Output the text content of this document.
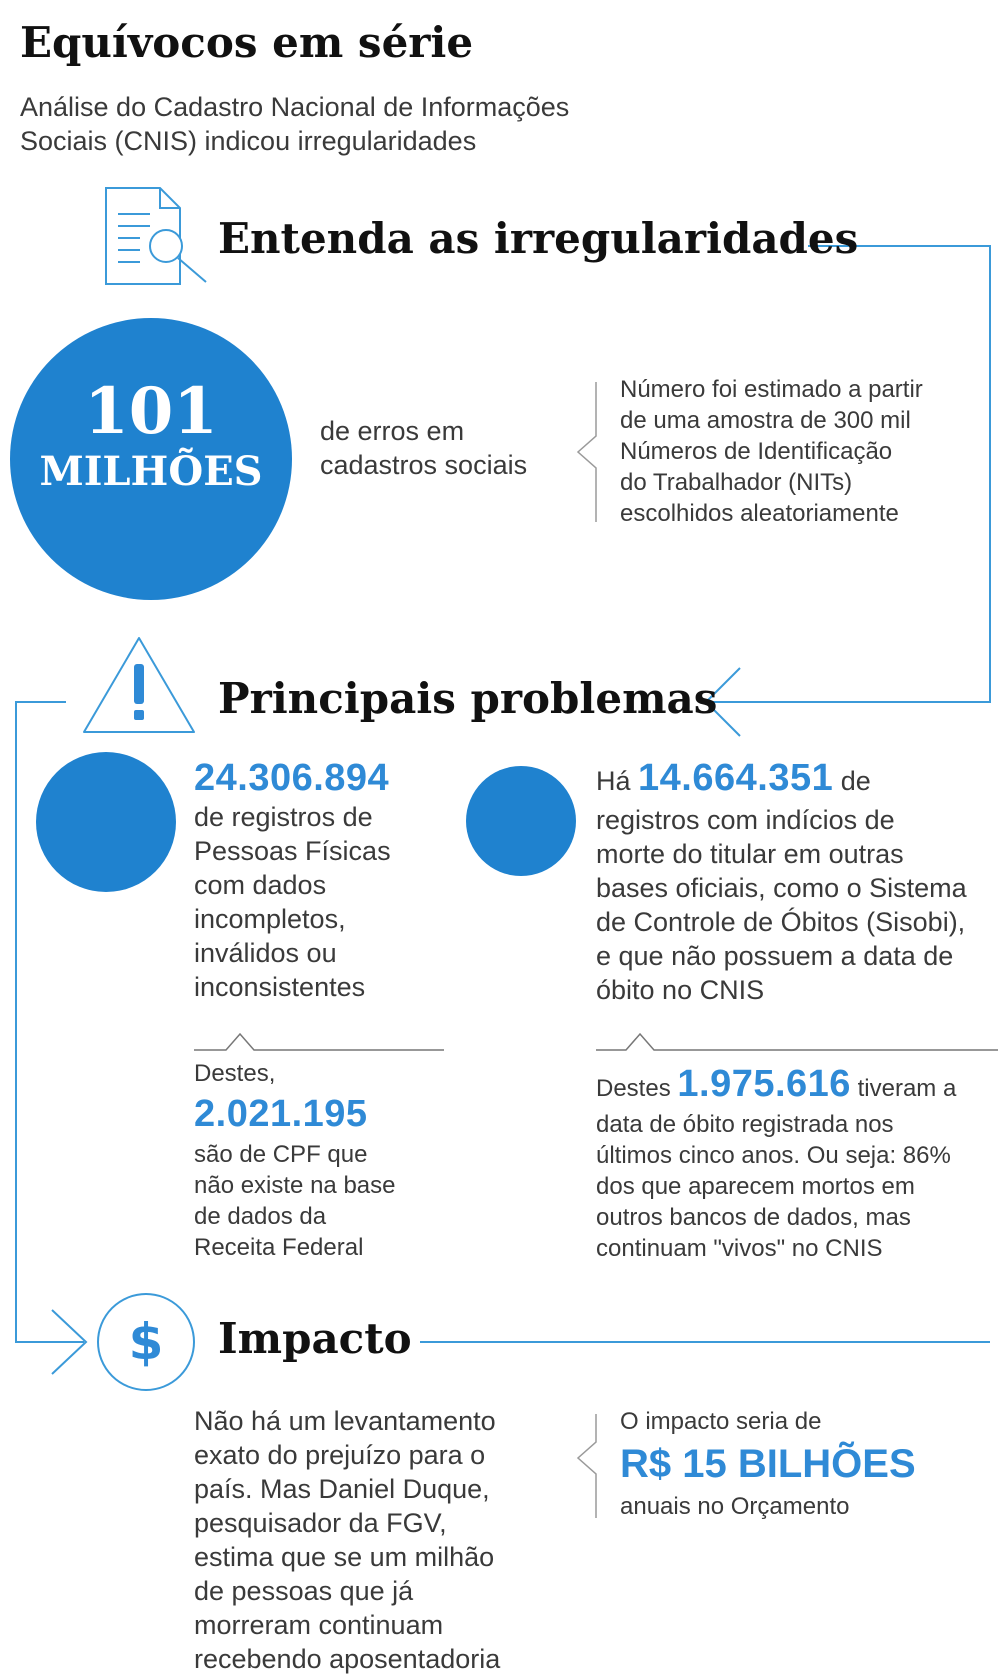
Equívocos em série
Análise do Cadastro Nacional de Informações
Sociais (CNIS) indicou irregularidades
Entenda as irregularidades
101
MILHÕES
de erros em
cadastros sociais
Número foi estimado a partir
de uma amostra de 300 mil
Números de Identificação
do Trabalhador (NITs)
escolhidos aleatoriamente
Principais problemas
24.306.894
de registros de
Pessoas Físicas
com dados
incompletos,
inválidos ou
inconsistentes
Destes,
2.021.195
são de CPF que
não existe na base
de dados da
Receita Federal
Há 14.664.351 de
registros com indícios de
morte do titular em outras
bases oficiais, como o Sistema
de Controle de Óbitos (Sisobi),
e que não possuem a data de
óbito no CNIS
Destes 1.975.616 tiveram a
data de óbito registrada nos
últimos cinco anos. Ou seja: 86%
dos que aparecem mortos em
outros bancos de dados, mas
continuam "vivos" no CNIS
$	Impacto
Não há um levantamento
exato do prejuízo para o
país. Mas Daniel Duque,
pesquisador da FGV,
estima que se um milhão
de pessoas que já
morreram continuam
recebendo aposentadoria
O impacto seria de
R$ 15 BILHÕES
anuais no Orçamento
